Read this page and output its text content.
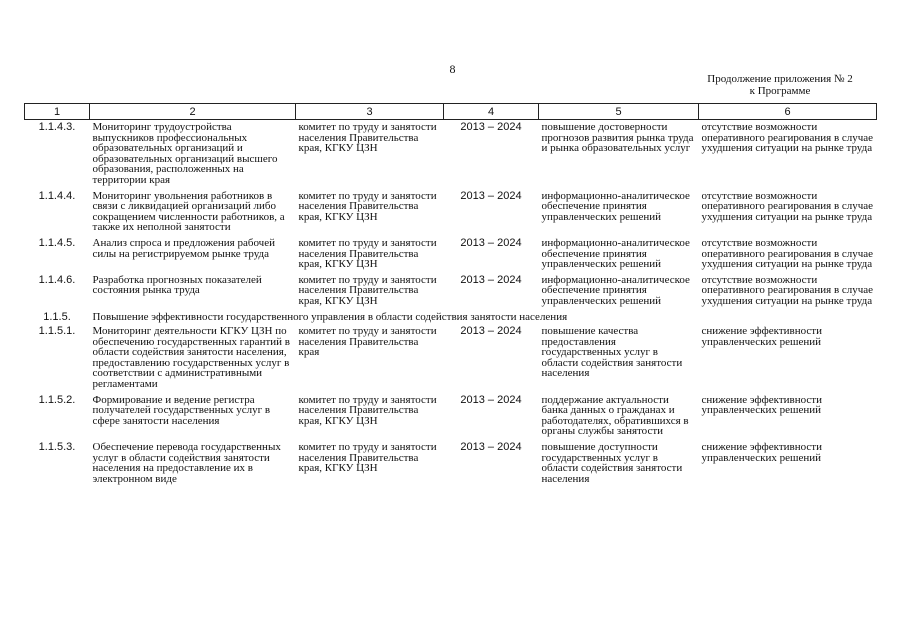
8
Продолжение приложения № 2
к Программе
1	2	3	4	5	6
1.1.4.3.	Мониторинг трудоустройства выпускников профессиональных образовательных организаций и образовательных организаций высшего образования, расположенных на территории края	комитет по труду и занятости населения Правительства края, КГКУ ЦЗН	2013 – 2024	повышение достоверности прогнозов развития рынка труда и рынка образовательных услуг	отсутствие возможности оперативного реагирования в случае ухудшения ситуации на рынке труда
1.1.4.4.	Мониторинг увольнения работников в связи с ликвидацией организаций либо сокращением численности работников, а также их неполной занятости	комитет по труду и занятости населения Правительства края, КГКУ ЦЗН	2013 – 2024	информационно-аналитическое обеспечение принятия управленческих решений	отсутствие возможности оперативного реагирования в случае ухудшения ситуации на рынке труда
1.1.4.5.	Анализ спроса и предложения рабочей силы на регистрируемом рынке труда	комитет по труду и занятости населения Правительства края, КГКУ ЦЗН	2013 – 2024	информационно-аналитическое обеспечение принятия управленческих решений	отсутствие возможности оперативного реагирования в случае ухудшения ситуации на рынке труда
1.1.4.6.	Разработка прогнозных показателей состояния рынка труда	комитет по труду и занятости населения Правительства края, КГКУ ЦЗН	2013 – 2024	информационно-аналитическое обеспечение принятия управленческих решений	отсутствие возможности оперативного реагирования в случае ухудшения ситуации на рынке труда
1.1.5.	Повышение эффективности государственного управления в области содействия занятости населения				
1.1.5.1.	Мониторинг деятельности КГКУ ЦЗН по обеспечению государственных гарантий в области содействия занятости населения, предоставлению государственных услуг в соответствии с административными регламентами	комитет по труду и занятости населения Правительства края	2013 – 2024	повышение качества предоставления государственных услуг в области содействия занятости населения	снижение эффективности управленческих решений
1.1.5.2.	Формирование и ведение регистра получателей государственных услуг в сфере занятости населения	комитет по труду и занятости населения Правительства края, КГКУ ЦЗН	2013 – 2024	поддержание актуальности банка данных о гражданах и работодателях, обратившихся в органы службы занятости	снижение эффективности управленческих решений
1.1.5.3.	Обеспечение перевода государственных услуг в области содействия занятости населения на предоставление их в электронном виде	комитет по труду и занятости населения Правительства края, КГКУ ЦЗН	2013 – 2024	повышение доступности государственных услуг в области содействия занятости населения	снижение эффективности управленческих решений
